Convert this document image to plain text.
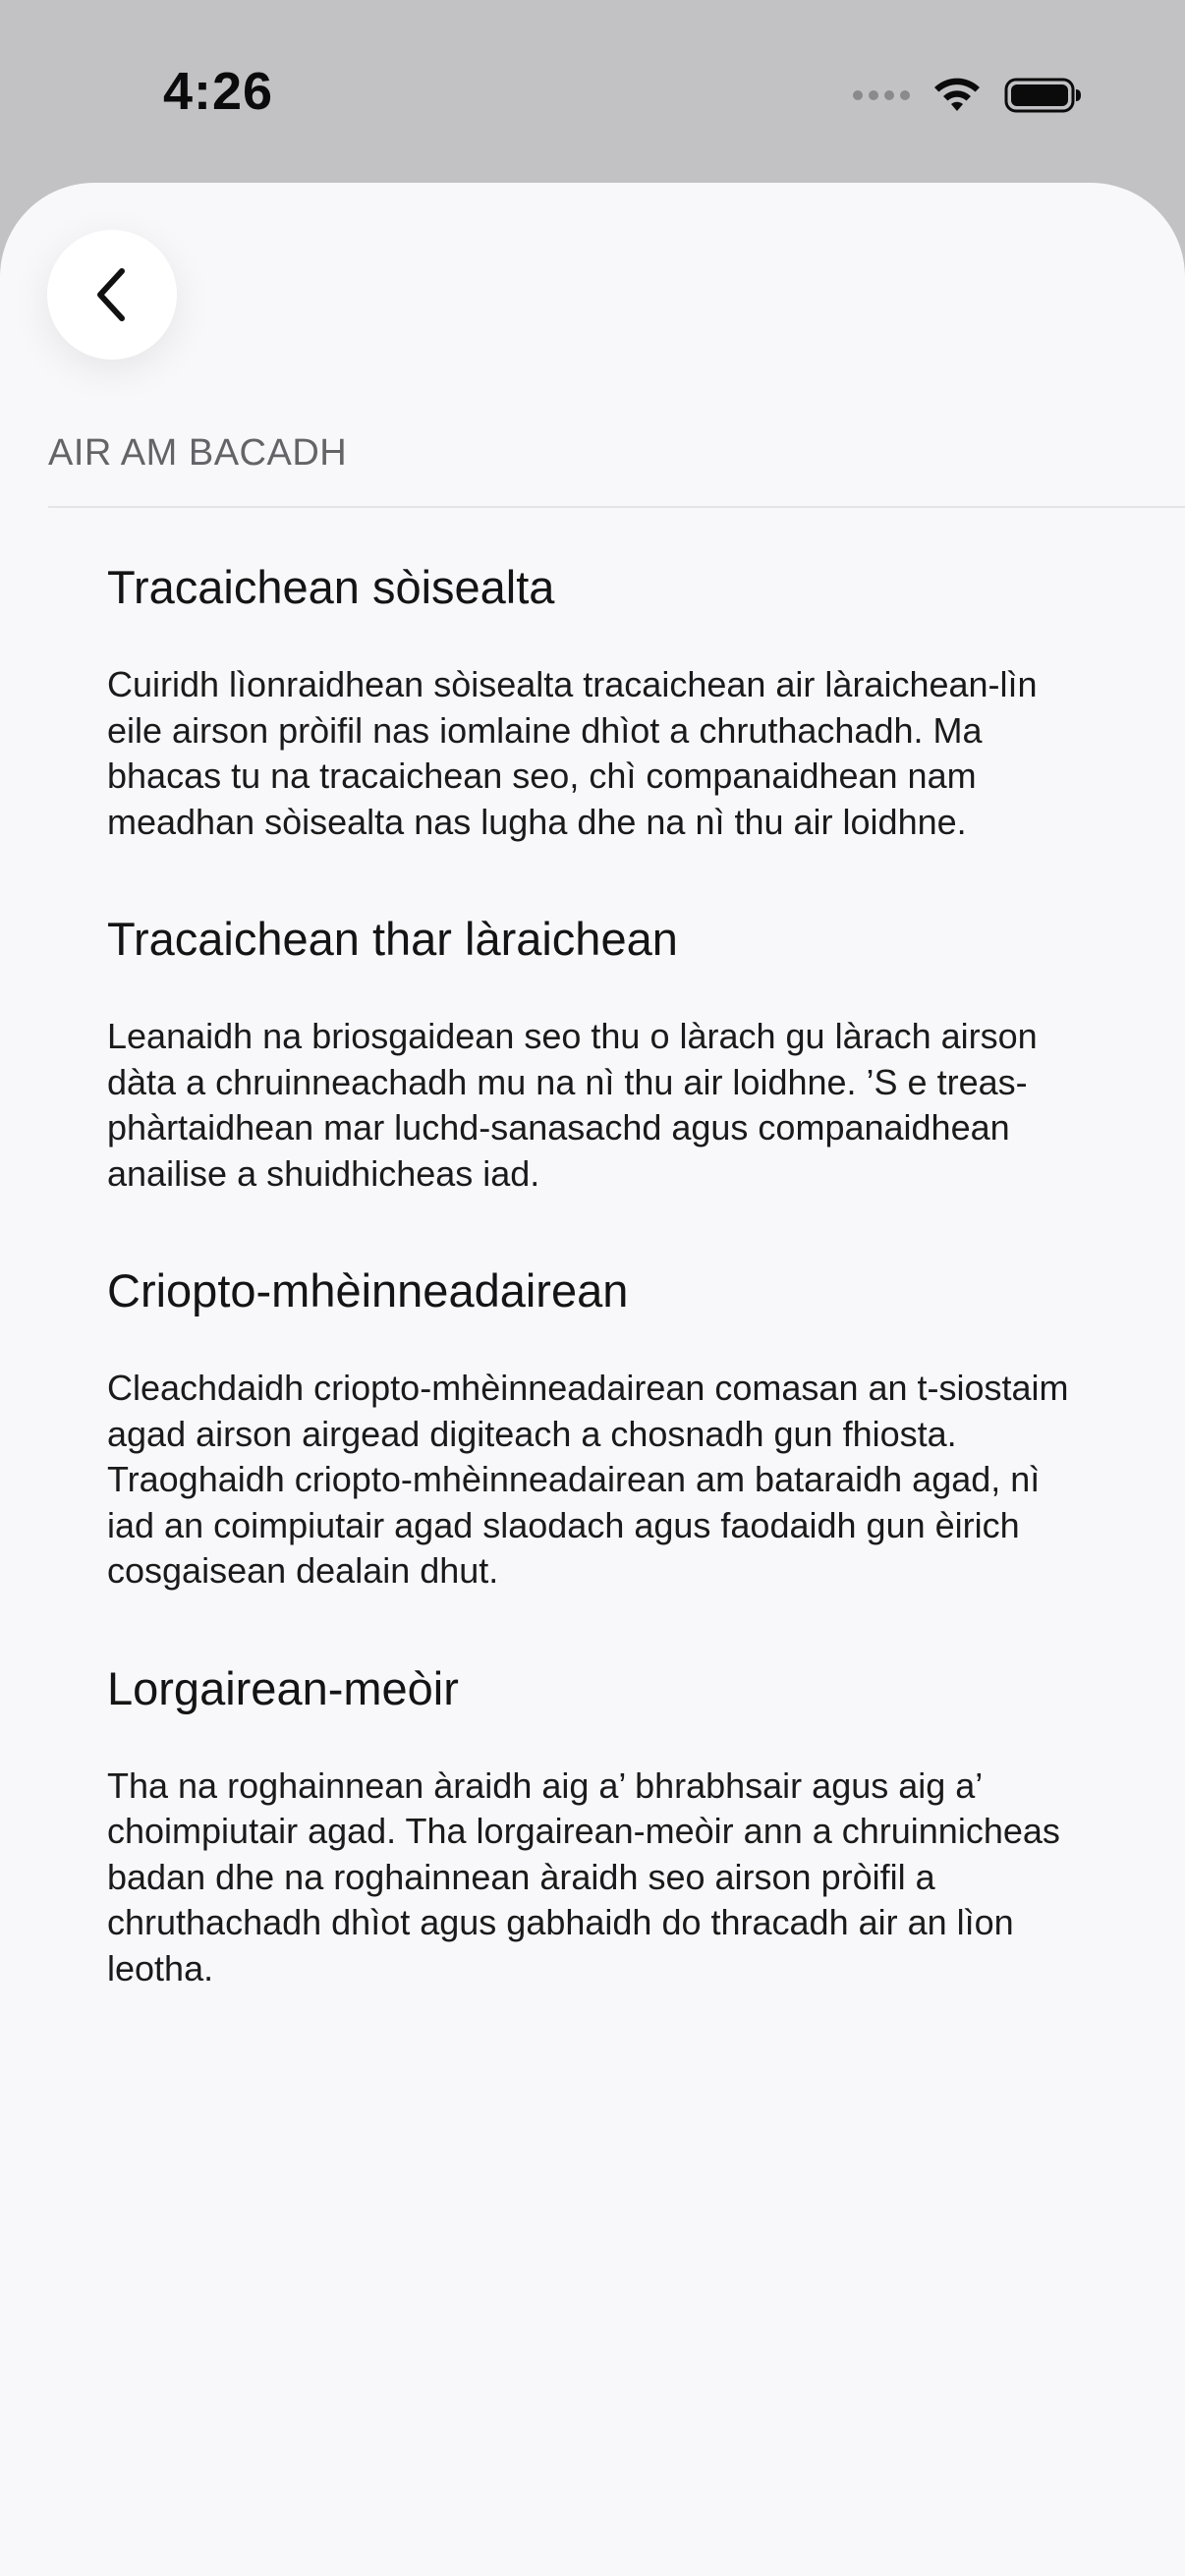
4:26
AIR AM BACADH
Tracaichean sòisealta

Cuiridh lìonraidhean sòisealta tracaichean air làraichean-lìn eile airson pròifil nas iomlaine dhìot a chruthachadh. Ma bhacas tu na tracaichean seo, chì companaidhean nam meadhan sòisealta nas lugha dhe na nì thu air loidhne.

Tracaichean thar làraichean

Leanaidh na briosgaidean seo thu o làrach gu làrach airson dàta a chruinneachadh mu na nì thu air loidhne. ’S e treas-phàrtaidhean mar luchd-sanasachd agus companaidhean anailise a shuidhicheas iad.

Criopto-mhèinneadairean

Cleachdaidh criopto-mhèinneadairean comasan an t-siostaim agad airson airgead digiteach a chosnadh gun fhiosta. Traoghaidh criopto-mhèinneadairean am bataraidh agad, nì iad an coimpiutair agad slaodach agus faodaidh gun èirich cosgaisean dealain dhut.

Lorgairean-meòir

Tha na roghainnean àraidh aig a’ bhrabhsair agus aig a’ choimpiutair agad. Tha lorgairean-meòir ann a chruinnicheas badan dhe na roghainnean àraidh seo airson pròifil a chruthachadh dhìot agus gabhaidh do thracadh air an lìon leotha.
